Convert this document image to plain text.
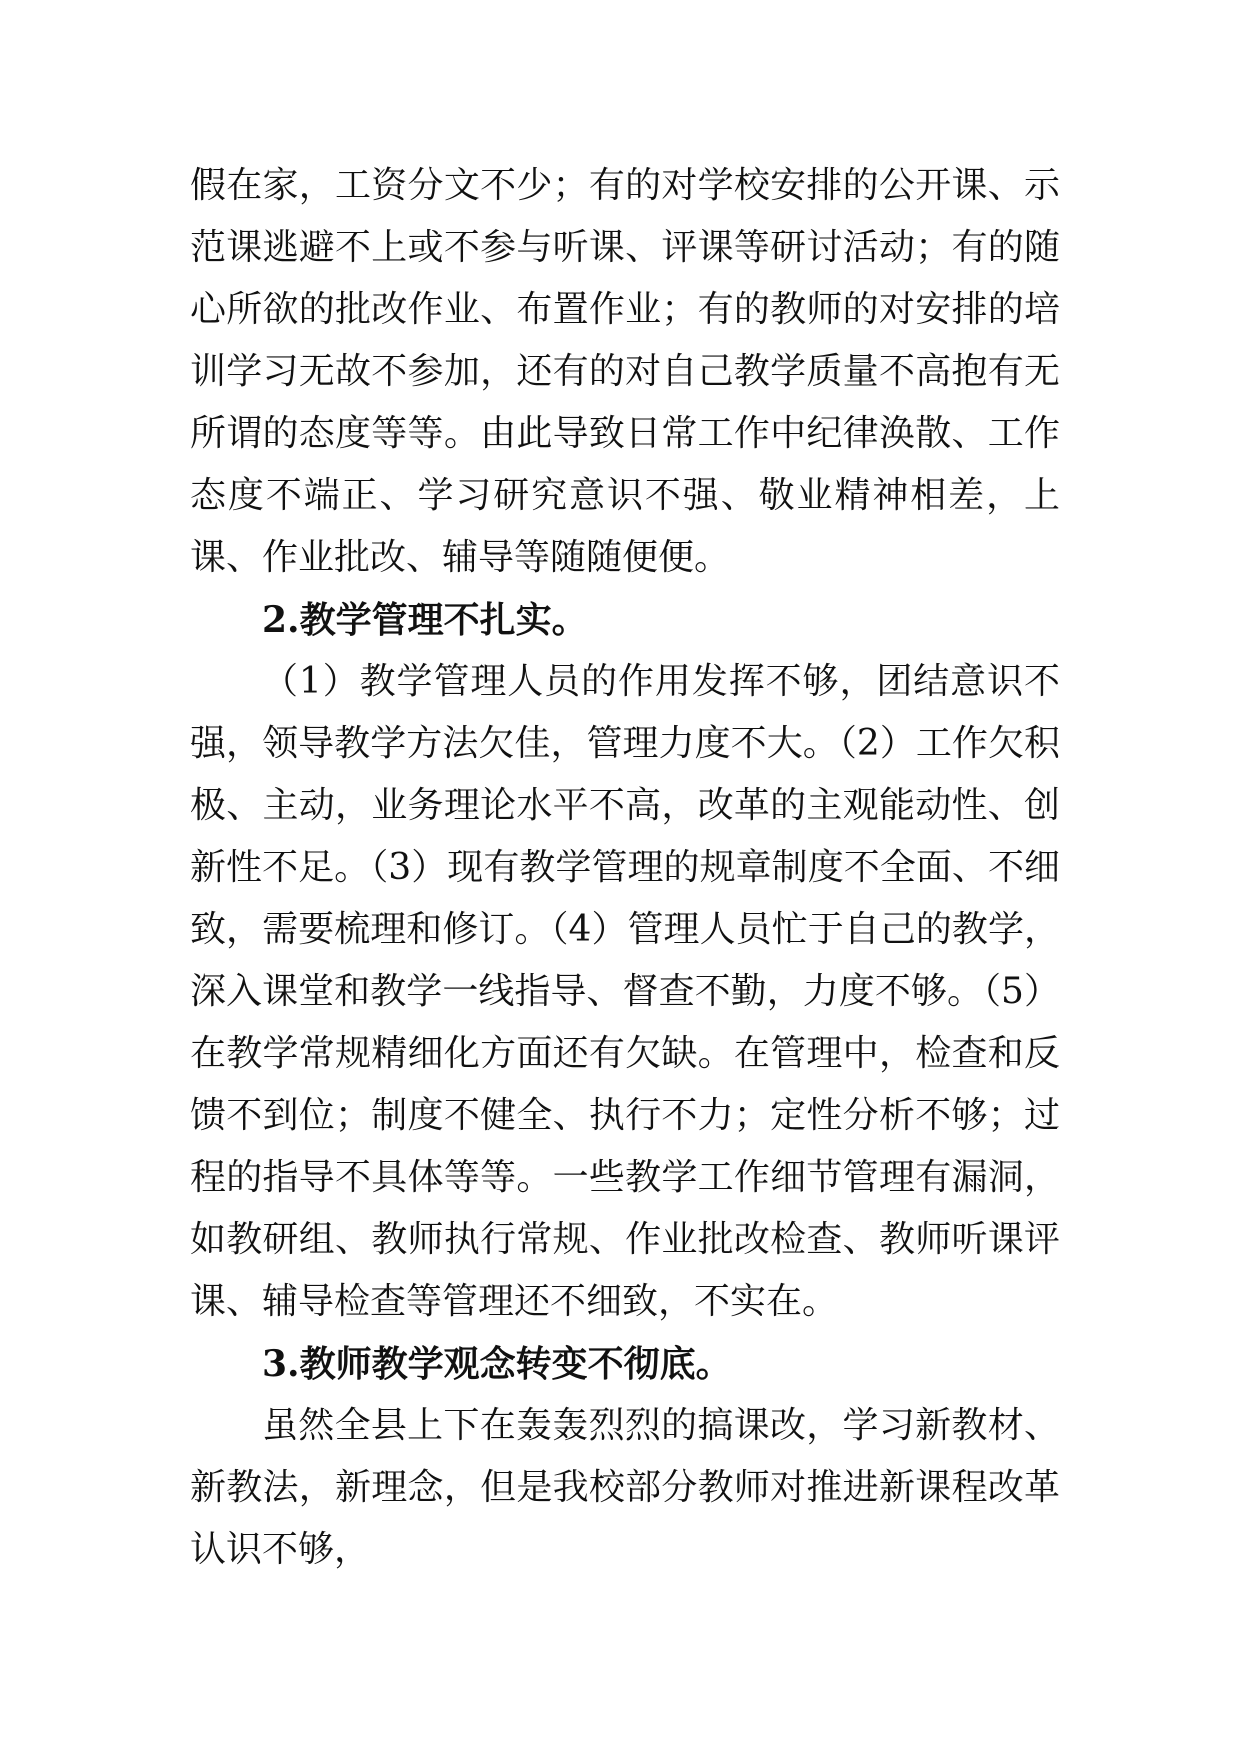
假在家，工资分文不少；有的对学校安排的公开课、示范课逃避不上或不参与听课、评课等研讨活动；有的随心所欲的批改作业、布置作业；有的教师的对安排的培训学习无故不参加，还有的对自己教学质量不高抱有无所谓的态度等等。由此导致日常工作中纪律涣散、工作态度不端正、学习研究意识不强、敬业精神相差，上课、作业批改、辅导等随随便便。

2.教学管理不扎实。

（1）教学管理人员的作用发挥不够，团结意识不强，领导教学方法欠佳，管理力度不大。（2）工作欠积极、主动，业务理论水平不高，改革的主观能动性、创新性不足。（3）现有教学管理的规章制度不全面、不细致，需要梳理和修订。（4）管理人员忙于自己的教学，深入课堂和教学一线指导、督查不勤，力度不够。（5）在教学常规精细化方面还有欠缺。在管理中，检查和反馈不到位；制度不健全、执行不力；定性分析不够；过程的指导不具体等等。一些教学工作细节管理有漏洞，如教研组、教师执行常规、作业批改检查、教师听课评课、辅导检查等管理还不细致，不实在。

3.教师教学观念转变不彻底。

虽然全县上下在轰轰烈烈的搞课改，学习新教材、新教法，新理念，但是我校部分教师对推进新课程改革认识不够，
